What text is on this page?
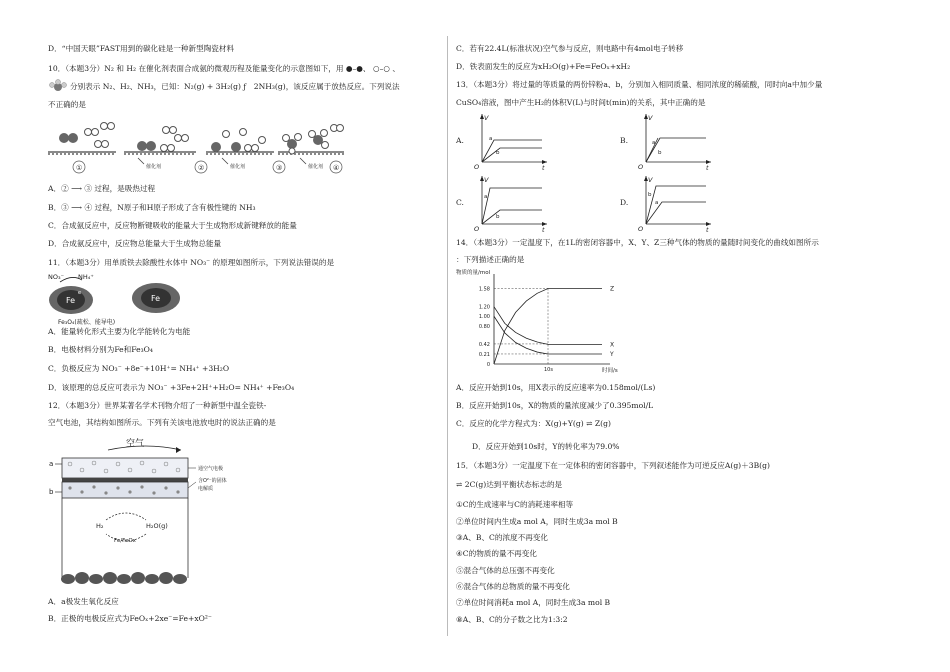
D．“中国天眼”FAST用到的碳化硅是一种新型陶瓷材料
10．（本题3分）N₂ 和 H₂ 在催化剂表面合成氨的微观历程及能量变化的示意图如下，用 ●–●、 ○–○ 、
分别表示 N₂、H₂、NH₃，已知：N₂(g) + 3H₂(g) ƒ　2NH₃(g)，该反应属于放热反应。下列说法
不正确的是
①	催化剂	②	催化剂	③	催化剂 ④
A．② ⟶ ③ 过程，是吸热过程
B．③ ⟶ ④ 过程，N原子和H原子形成了含有极性键的 NH₃
C．合成氨反应中，反应物断键吸收的能量大于生成物形成新键释放的能量
D．合成氨反应中，反应物总能量大于生成物总能量
11．（本题3分）用单质铁去除酸性水体中 NO₃⁻ 的原理如图所示，下列说法错误的是
NO₃⁻ NH₄⁺
Fe
e
Fe
Fe₃O₄(疏松、能导电)
A．能量转化形式主要为化学能转化为电能
B．电极材料分别为Fe和Fe₃O₄
C．负极反应为 NO₃⁻ +8e⁻+10H⁺= NH₄⁺ +3H₂O
D．该原理的总反应可表示为 NO₃⁻ +3Fe+2H⁺+H₂O= NH₄⁺ +Fe₃O₄
12．（本题3分）世界某著名学术刊物介绍了一种新型中温全瓷铁-
空气电池，其结构如图所示。下列有关该电池放电时的说法正确的是
空气
a
b
通空气电极
含O²⁻的固体
电解质
H₂	H₂O(g)
Fe/FeOx
A．a极发生氧化反应
B．正极的电极反应式为FeOₓ+2xe⁻=Fe+xO²⁻
C．若有22.4L(标准状况)空气参与反应，则电路中有4mol电子转移
D．铁表面发生的反应为xH₂O(g)+Fe=FeOₓ+xH₂
13．（本题3分）将过量的等质量的两份锌粉a、b，分别加入相同质量、相同浓度的稀硫酸，同时向a中加少量
CuSO₄溶液，图中产生H₂的体积V(L)与时间t(min)的关系，其中正确的是
A.
V
t
O
a
b
B.
V
t
O
a
b
C.
V
t
O
a
b
D.
V
t
O
a
b
14．（本题3分）一定温度下，在1L的密闭容器中，X、Y、Z三种气体的物质的量随时间变化的曲线如图所示
：下列描述正确的是
物质的量/mol
时间/s
0
0.21
0.42
0.80
1.00
1.20
1.58
10s
Z
X
Y
A．反应开始到10s，用X表示的反应速率为0.158mol/(Ls)
B．反应开始到10s，X的物质的量浓度减少了0.395mol/L
C．反应的化学方程式为：X(g)+Y(g) ⇌ Z(g)
D．反应开始到10s时，Y的转化率为79.0%
15．（本题3分）一定温度下在一定体积的密闭容器中，下列叙述能作为可逆反应A(g)＋3B(g)
⇌ 2C(g)达到平衡状态标志的是
①C的生成速率与C的消耗速率相等
②单位时间内生成a mol A，同时生成3a mol B
③A、B、C的浓度不再变化
④C的物质的量不再变化
⑤混合气体的总压强不再变化
⑥混合气体的总物质的量不再变化
⑦单位时间消耗a mol A，同时生成3a mol B
⑧A、B、C的分子数之比为1:3:2
